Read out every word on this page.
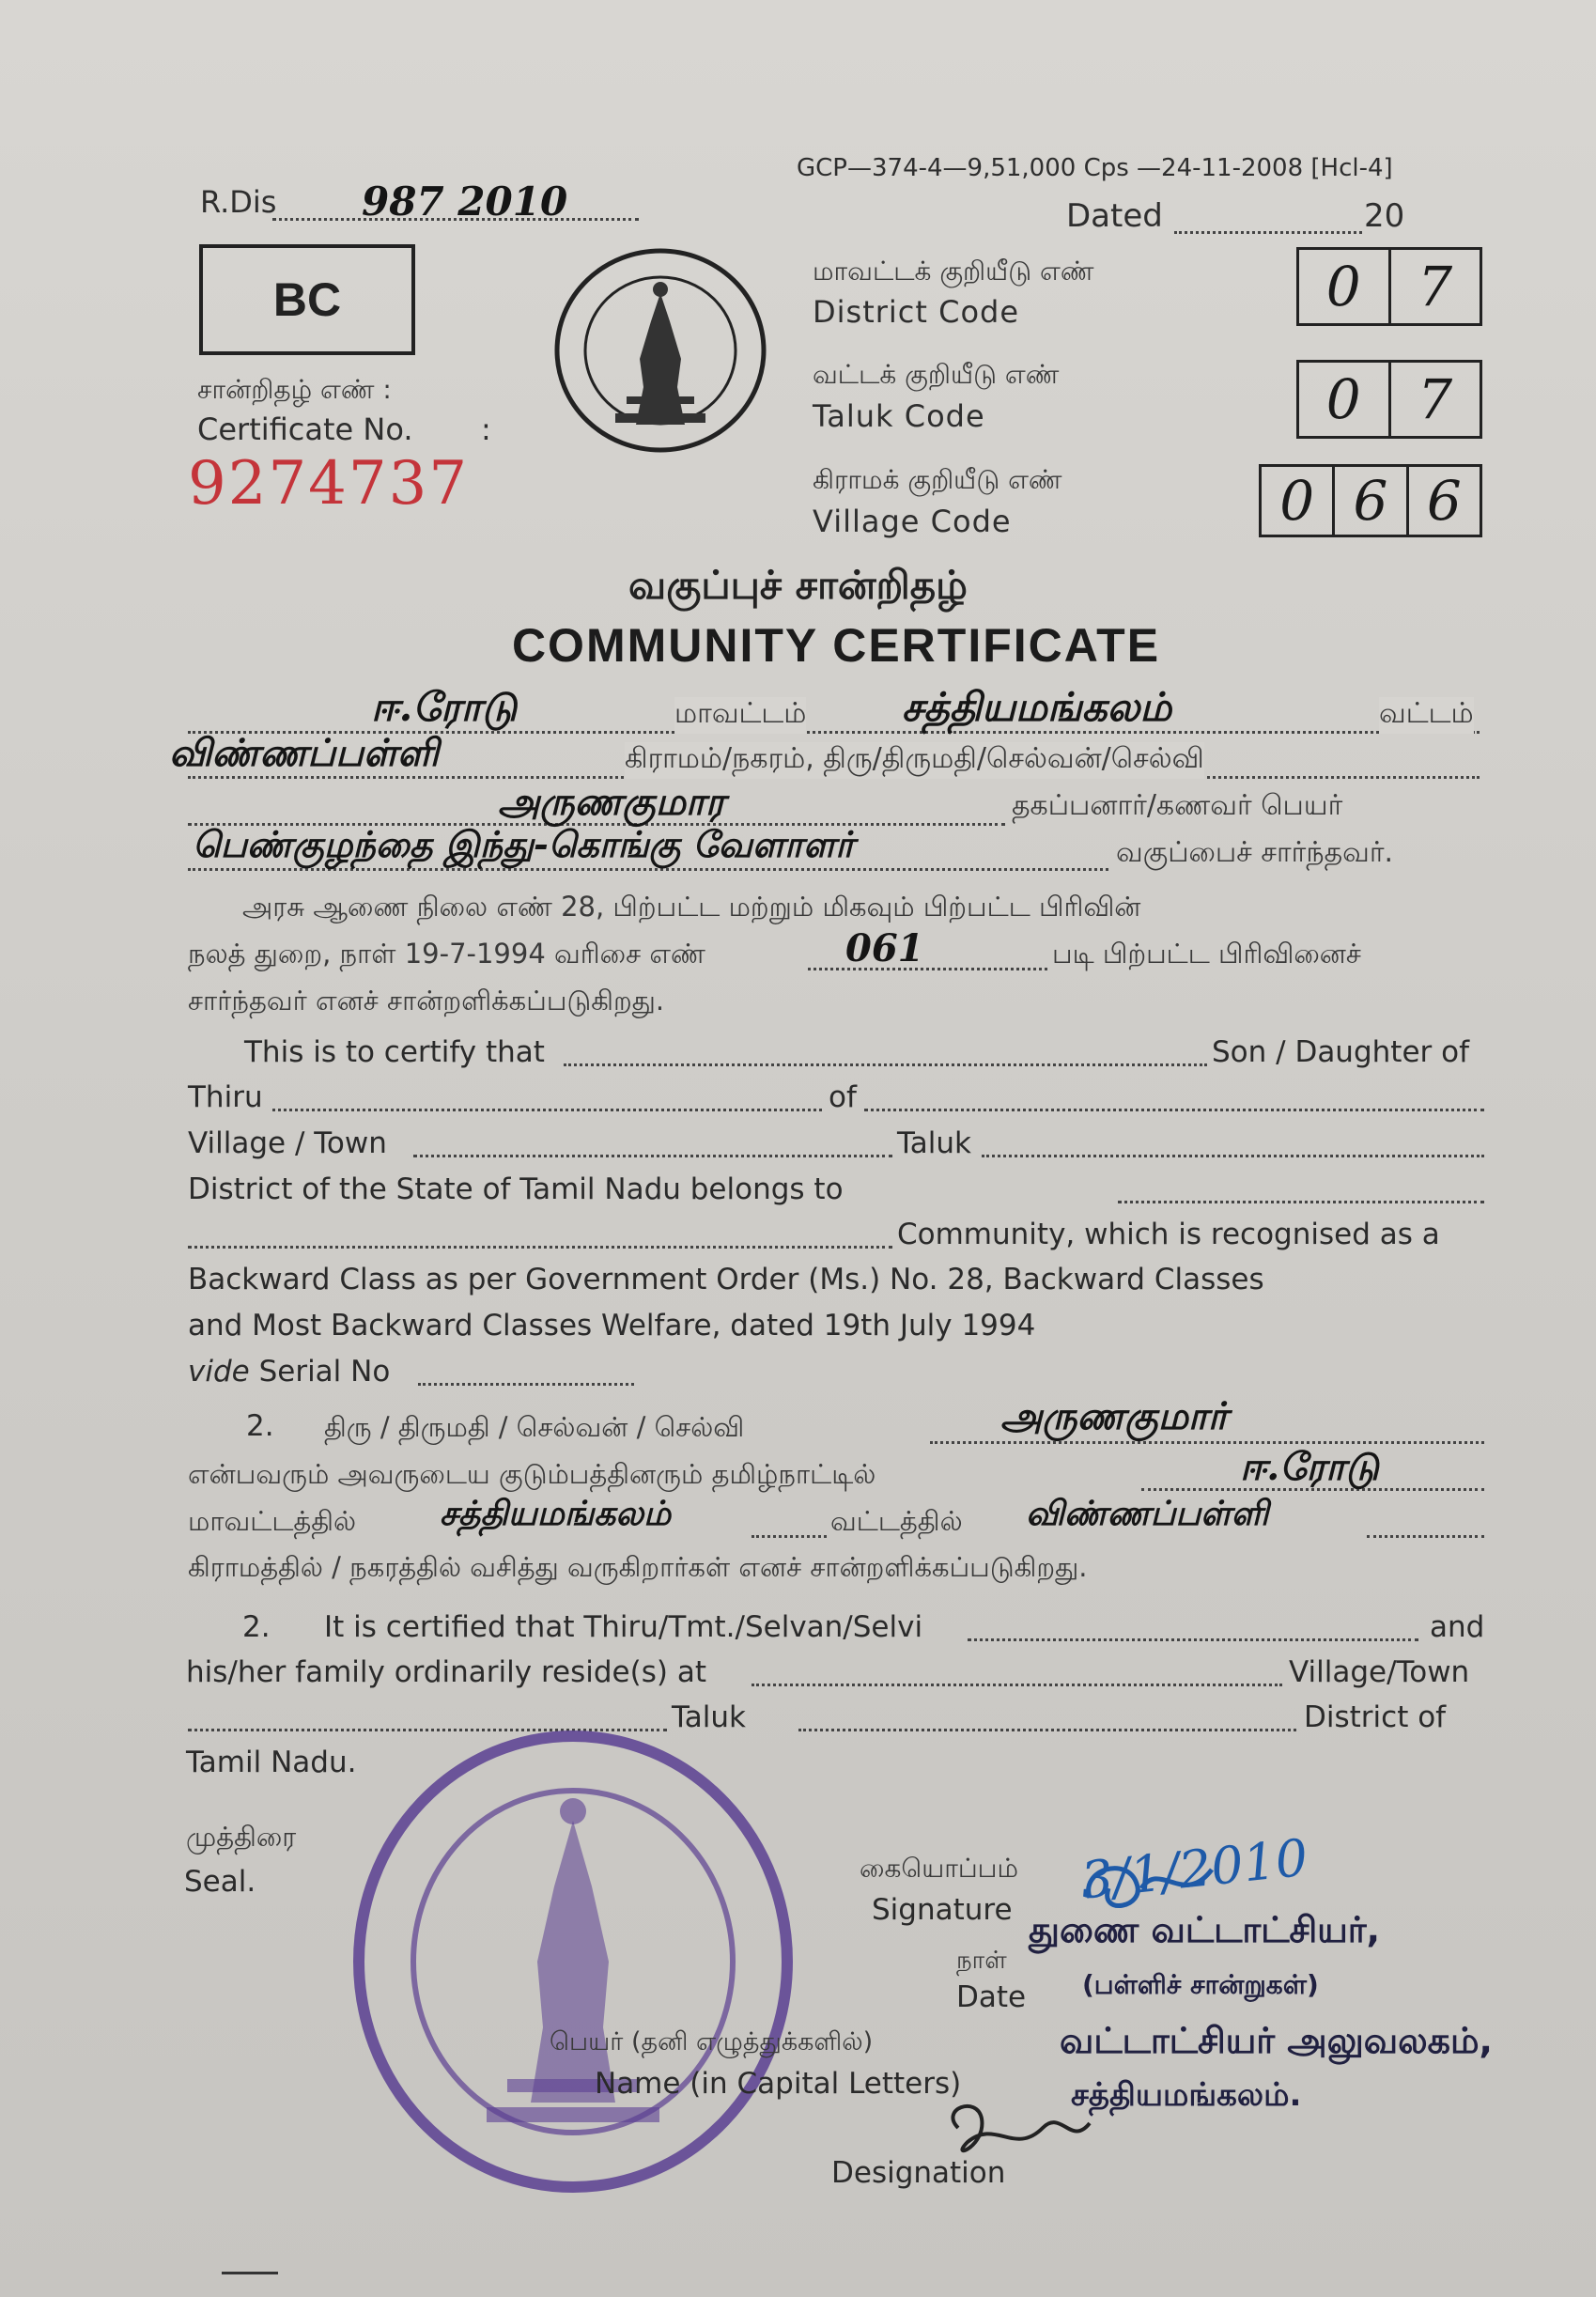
R.Dis 987 2010
GCP—374-4—9,51,000 Cps —24-11-2008 [Hcl-4]
Dated	20
BC
சான்றிதழ் எண் :
Certificate No. :
9274737
மாவட்டக் குறியீடு எண்
District Code	0	7
வட்டக் குறியீடு எண்
Taluk Code	0	7
கிராமக் குறியீடு எண்
Village Code	0 6 6
வகுப்புச் சான்றிதழ்
COMMUNITY CERTIFICATE
ஈ.ரோடு	மாவட்டம் சத்தியமங்கலம்	வட்டம்
விண்ணப்பள்ளி	கிராமம்/நகரம், திரு/திருமதி/செல்வன்/செல்வி
அருணகுமார	தகப்பனார்/கணவர் பெயர்
பெண்குழந்தை இந்து-கொங்கு வேளாளர்	வகுப்பைச் சார்ந்தவர்.
அரசு ஆணை நிலை எண் 28, பிற்பட்ட மற்றும் மிகவும் பிற்பட்ட பிரிவின்
நலத் துறை, நாள் 19-7-1994 வரிசை எண்	061	படி பிற்பட்ட பிரிவினைச்
சார்ந்தவர் எனச் சான்றளிக்கப்படுகிறது.
This is to certify that	Son / Daughter of
Thiru	of
Village / Town	Taluk
District of the State of Tamil Nadu belongs to
Community, which is recognised as a
Backward Class as per Government Order (Ms.) No. 28, Backward Classes
and Most Backward Classes Welfare, dated 19th July 1994
vide Serial No
2. திரு / திருமதி / செல்வன் / செல்வி	அருணகுமார்
என்பவரும் அவருடைய குடும்பத்தினரும் தமிழ்நாட்டில்	ஈ.ரோடு
மாவட்டத்தில் சத்தியமங்கலம்	வட்டத்தில் விண்ணப்பள்ளி
கிராமத்தில் / நகரத்தில் வசித்து வருகிறார்கள் எனச் சான்றளிக்கப்படுகிறது.
2. It is certified that Thiru/Tmt./Selvan/Selvi	and
his/her family ordinarily reside(s) at	Village/Town
Taluk	District of
Tamil Nadu.
முத்திரை
Seal.	கையொப்பம்
Signature
நாள்
Date
பெயர் (தனி எழுத்துக்களில்)
Name (in Capital Letters)
Designation
3/1/2010
துணை வட்டாட்சியர்,
(பள்ளிச் சான்றுகள்)
வட்டாட்சியர் அலுவலகம்,
சத்தியமங்கலம்.
